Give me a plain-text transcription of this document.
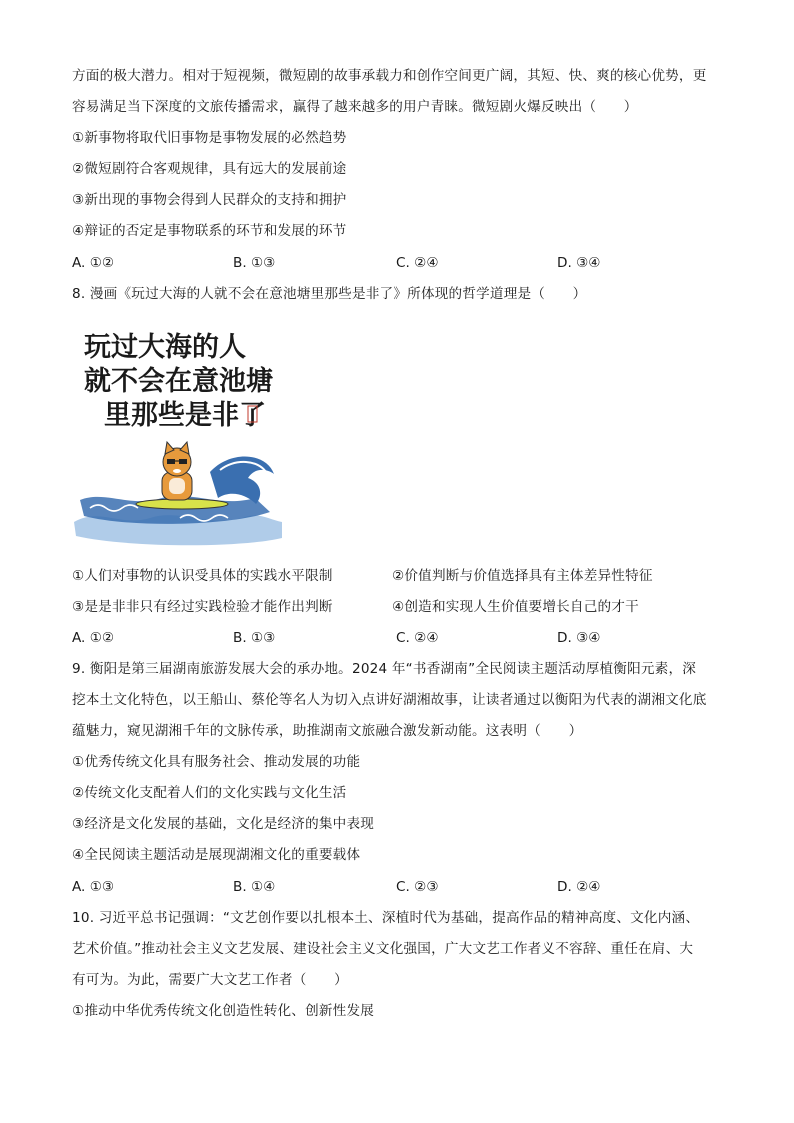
方面的极大潜力。相对于短视频，微短剧的故事承载力和创作空间更广阔，其短、快、爽的核心优势，更
容易满足当下深度的文旅传播需求，赢得了越来越多的用户青睐。微短剧火爆反映出（　　）
①新事物将取代旧事物是事物发展的必然趋势
②微短剧符合客观规律，具有远大的发展前途
③新出现的事物会得到人民群众的支持和拥护
④辩证的否定是事物联系的环节和发展的环节
A. ①②	B. ①③	C. ②④	D. ③④
8. 漫画《玩过大海的人就不会在意池塘里那些是非了》所体现的哲学道理是（　　）
玩过大海的人
就不会在意池塘
里那些是非了
①人们对事物的认识受具体的实践水平限制	②价值判断与价值选择具有主体差异性特征
③是是非非只有经过实践检验才能作出判断	④创造和实现人生价值要增长自己的才干
A. ①②	B. ①③	C. ②④	D. ③④
9. 衡阳是第三届湖南旅游发展大会的承办地。2024 年“书香湖南”全民阅读主题活动厚植衡阳元素，深
挖本土文化特色，以王船山、蔡伦等名人为切入点讲好湖湘故事，让读者通过以衡阳为代表的湖湘文化底
蕴魅力，窥见湖湘千年的文脉传承，助推湖南文旅融合激发新动能。这表明（　　）
①优秀传统文化具有服务社会、推动发展的功能
②传统文化支配着人们的文化实践与文化生活
③经济是文化发展的基础，文化是经济的集中表现
④全民阅读主题活动是展现湖湘文化的重要载体
A. ①③	B. ①④	C. ②③	D. ②④
10. 习近平总书记强调：“文艺创作要以扎根本土、深植时代为基础，提高作品的精神高度、文化内涵、
艺术价值。”推动社会主义文艺发展、建设社会主义文化强国，广大文艺工作者义不容辞、重任在肩、大
有可为。为此，需要广大文艺工作者（　　）
①推动中华优秀传统文化创造性转化、创新性发展
